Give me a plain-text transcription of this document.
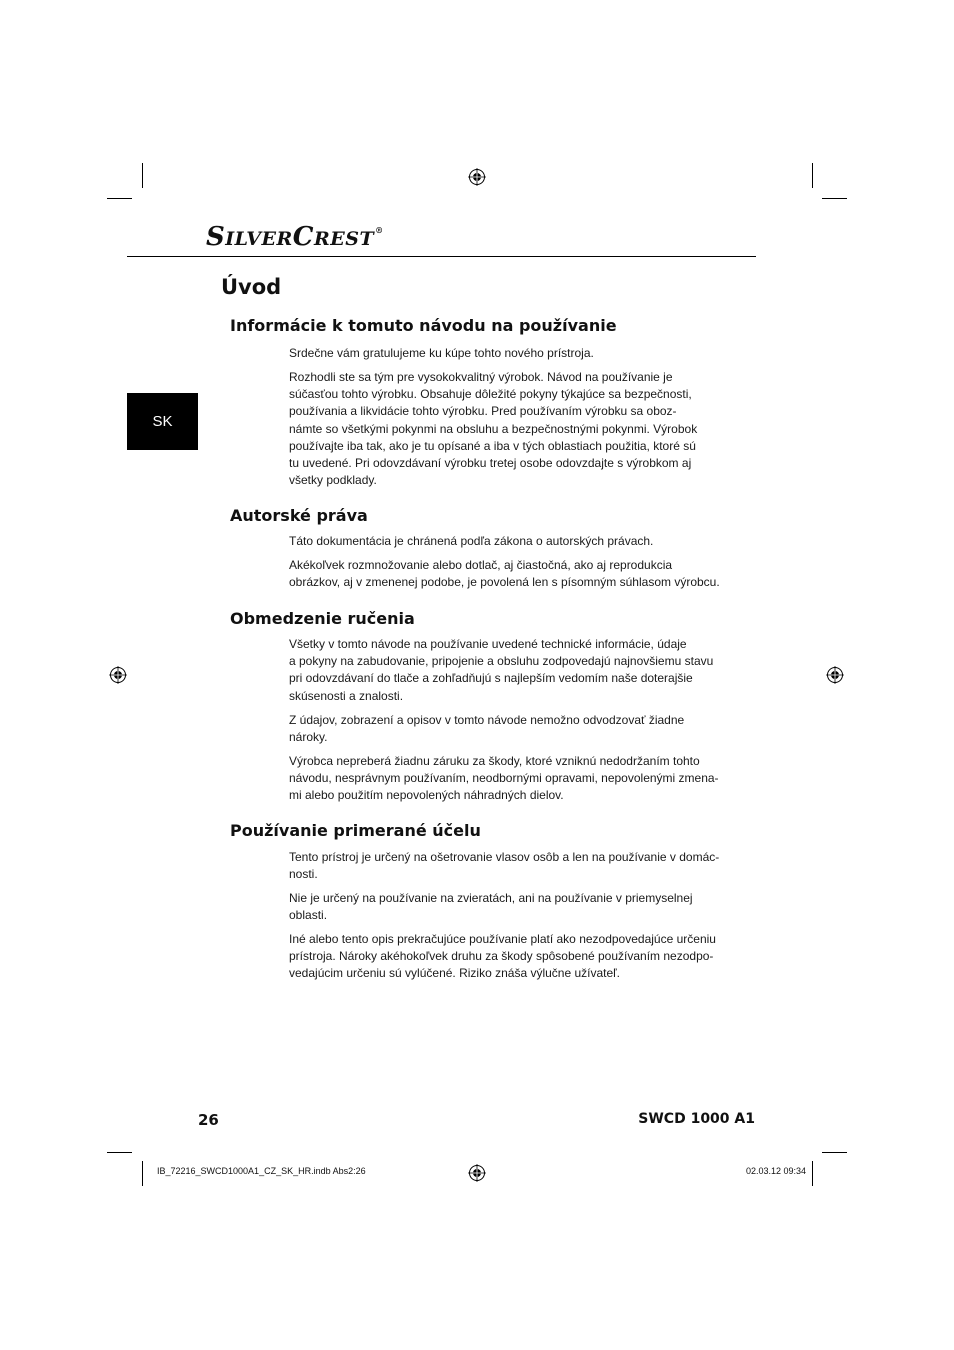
SILVERCREST®
SK
Úvod
Informácie k tomuto návodu na používanie
Srdečne vám gratulujeme ku kúpe tohto nového prístroja.
Rozhodli ste sa tým pre vysokokvalitný výrobok. Návod na používanie je
súčasťou tohto výrobku. Obsahuje dôležité pokyny týkajúce sa bezpečnosti,
používania a likvidácie tohto výrobku. Pred používaním výrobku sa oboz-
námte so všetkými pokynmi na obsluhu a bezpečnostnými pokynmi. Výrobok
používajte iba tak, ako je tu opísané a iba v tých oblastiach použitia, ktoré sú
tu uvedené. Pri odovzdávaní výrobku tretej osobe odovzdajte s výrobkom aj
všetky podklady.
Autorské práva
Táto dokumentácia je chránená podľa zákona o autorských právach.
Akékoľvek rozmnožovanie alebo dotlač, aj čiastočná, ako aj reprodukcia
obrázkov, aj v zmenenej podobe, je povolená len s písomným súhlasom výrobcu.
Obmedzenie ručenia
Všetky v tomto návode na používanie uvedené technické informácie, údaje
a pokyny na zabudovanie, pripojenie a obsluhu zodpovedajú najnovšiemu stavu
pri odovzdávaní do tlače a zohľadňujú s najlepším vedomím naše doterajšie
skúsenosti a znalosti.
Z údajov, zobrazení a opisov v tomto návode nemožno odvodzovať žiadne
nároky.
Výrobca nepreberá žiadnu záruku za škody, ktoré vzniknú nedodržaním tohto
návodu, nesprávnym používaním, neodbornými opravami, nepovolenými zmena-
mi alebo použitím nepovolených náhradných dielov.
Používanie primerané účelu
Tento prístroj je určený na ošetrovanie vlasov osôb a len na používanie v domác-
nosti.
Nie je určený na používanie na zvieratách, ani na používanie v priemyselnej
oblasti.
Iné alebo tento opis prekračujúce používanie platí ako nezodpovedajúce určeniu
prístroja. Nároky akéhokoľvek druhu za škody spôsobené používaním nezodpo-
vedajúcim určeniu sú vylúčené. Riziko znáša výlučne užívateľ.
26	SWCD 1000 A1
IB_72216_SWCD1000A1_CZ_SK_HR.indb Abs2:26	02.03.12 09:34
